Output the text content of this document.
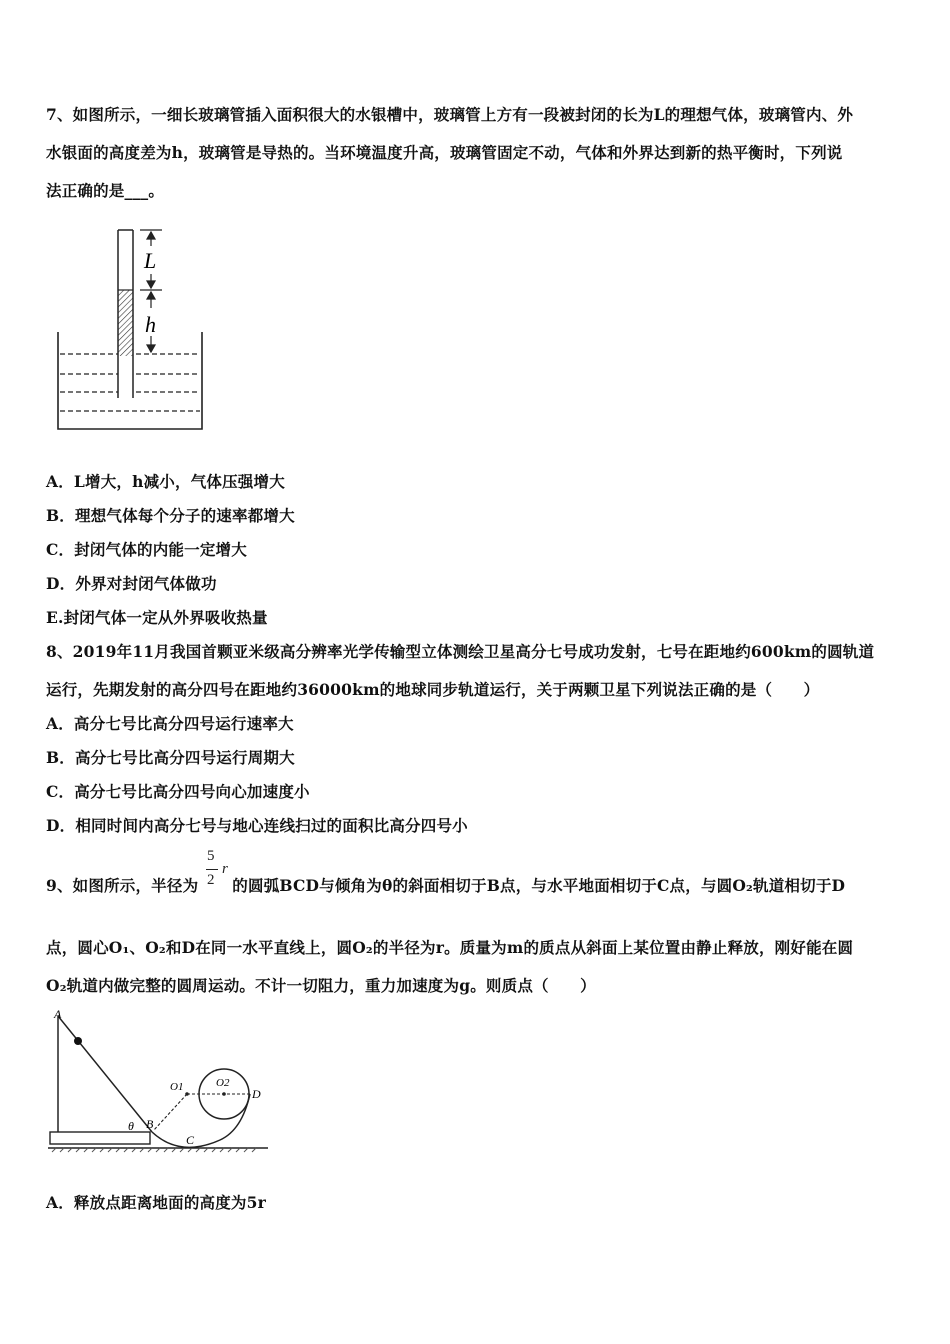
7、如图所示，一细长玻璃管插入面积很大的水银槽中，玻璃管上方有一段被封闭的长为L的理想气体，玻璃管内、外
水银面的高度差为h，玻璃管是导热的。当环境温度升高，玻璃管固定不动，气体和外界达到新的热平衡时，下列说
法正确的是___。
L
h
A．L增大，h减小，气体压强增大
B．理想气体每个分子的速率都增大
C．封闭气体的内能一定增大
D．外界对封闭气体做功
E.封闭气体一定从外界吸收热量
8、2019年11月我国首颗亚米级高分辨率光学传输型立体测绘卫星高分七号成功发射，七号在距地约600km的圆轨道
运行，先期发射的高分四号在距地约36000km的地球同步轨道运行，关于两颗卫星下列说法正确的是（　　）
A．高分七号比高分四号运行速率大
B．高分七号比高分四号运行周期大
C．高分七号比高分四号向心加速度小
D．相同时间内高分七号与地心连线扫过的面积比高分四号小
9、如图所示，半径为 的圆弧BCD与倾角为θ的斜面相切于B点，与水平地面相切于C点，与圆O₂轨道相切于D
5
2
r
点，圆心O₁、O₂和D在同一水平直线上，圆O₂的半径为r。质量为m的质点从斜面上某位置由静止释放，刚好能在圆
O₂轨道内做完整的圆周运动。不计一切阻力，重力加速度为g。则质点（　　）
A
B
C
D
O1	O2
θ
A．释放点距离地面的高度为5r
